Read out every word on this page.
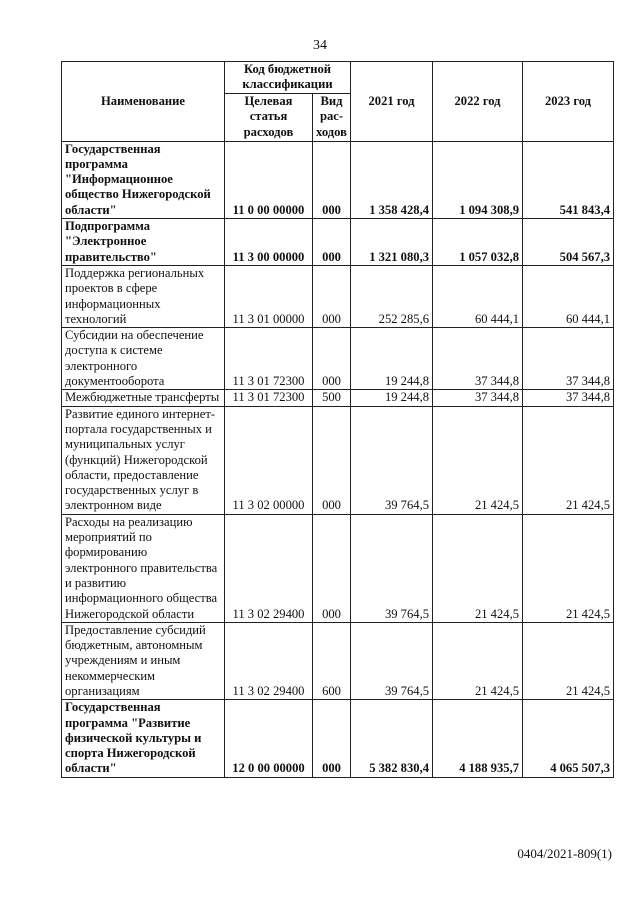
34
Наименование	Код бюджетной классификации		2021 год	2022 год	2023 год
	Целевая статья расходов	Вид рас-ходов			
Государственная программа "Информационное общество Нижегородской области"	11 0 00 00000	000	1 358 428,4	1 094 308,9	541 843,4
Подпрограмма "Электронное правительство"	11 3 00 00000	000	1 321 080,3	1 057 032,8	504 567,3
Поддержка региональных проектов в сфере информационных технологий	11 3 01 00000	000	252 285,6	60 444,1	60 444,1
Субсидии на обеспечение доступа к системе электронного документооборота	11 3 01 72300	000	19 244,8	37 344,8	37 344,8
Межбюджетные трансферты	11 3 01 72300	500	19 244,8	37 344,8	37 344,8
Развитие единого интернет-портала государственных и муниципальных услуг (функций) Нижегородской области, предоставление государственных услуг в электронном виде	11 3 02 00000	000	39 764,5	21 424,5	21 424,5
Расходы на реализацию мероприятий по формированию электронного правительства и развитию информационного общества Нижегородской области	11 3 02 29400	000	39 764,5	21 424,5	21 424,5
Предоставление субсидий бюджетным, автономным учреждениям и иным некоммерческим организациям	11 3 02 29400	600	39 764,5	21 424,5	21 424,5
Государственная программа "Развитие физической культуры и спорта Нижегородской области"	12 0 00 00000	000	5 382 830,4	4 188 935,7	4 065 507,3
0404/2021-809(1)
